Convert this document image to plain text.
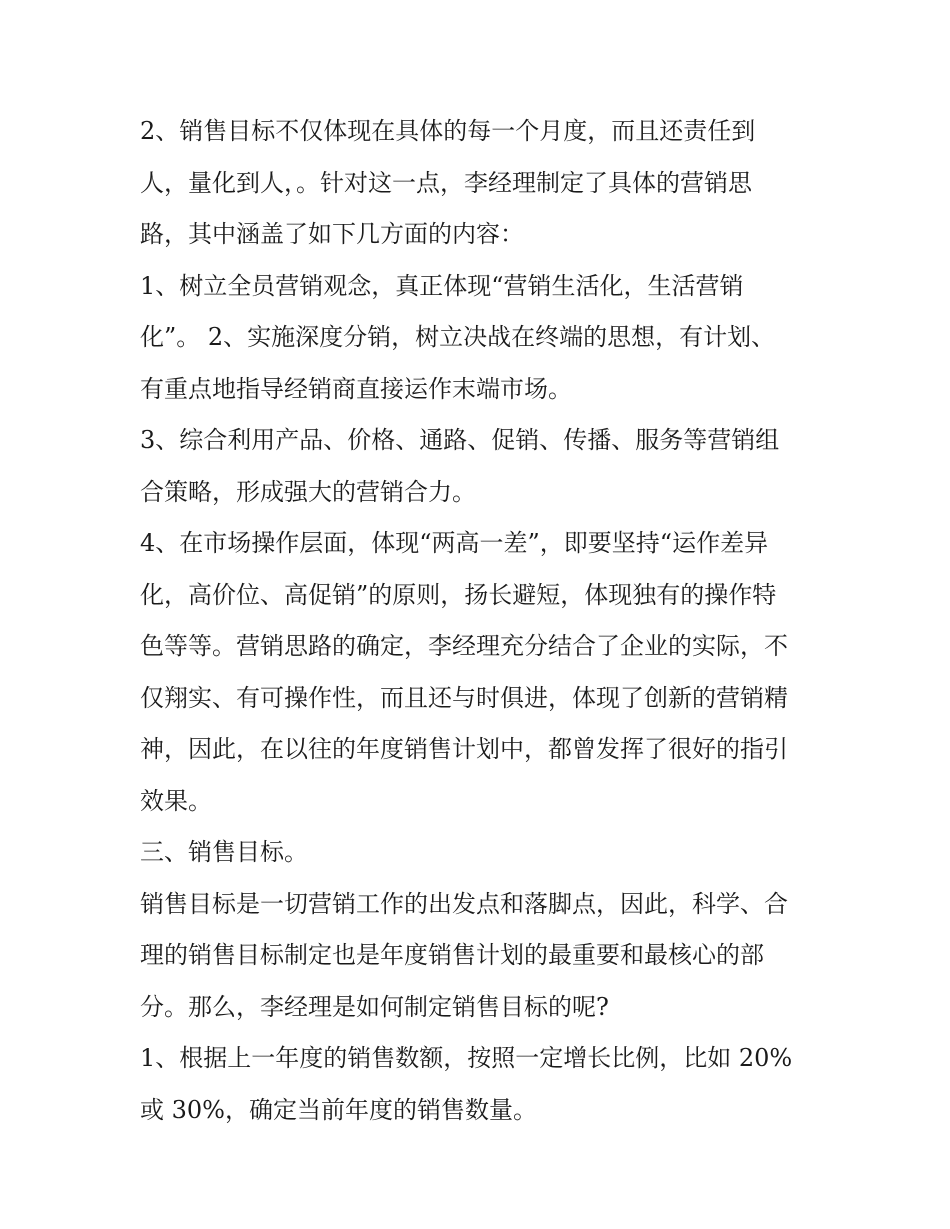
2、销售目标不仅体现在具体的每一个月度，而且还责任到
人，量化到人，。针对这一点，李经理制定了具体的营销思
路，其中涵盖了如下几方面的内容：
1、树立全员营销观念，真正体现“营销生活化，生活营销
化”。 2、实施深度分销，树立决战在终端的思想，有计划、
有重点地指导经销商直接运作末端市场。
3、综合利用产品、价格、通路、促销、传播、服务等营销组
合策略，形成强大的营销合力。
4、在市场操作层面，体现“两高一差”，即要坚持“运作差异
化，高价位、高促销”的原则，扬长避短，体现独有的操作特
色等等。营销思路的确定，李经理充分结合了企业的实际，不
仅翔实、有可操作性，而且还与时俱进，体现了创新的营销精
神，因此，在以往的年度销售计划中，都曾发挥了很好的指引
效果。
三、销售目标。
销售目标是一切营销工作的出发点和落脚点，因此，科学、合
理的销售目标制定也是年度销售计划的最重要和最核心的部
分。那么，李经理是如何制定销售目标的呢?
1、根据上一年度的销售数额，按照一定增长比例，比如 20%
或 30%，确定当前年度的销售数量。
